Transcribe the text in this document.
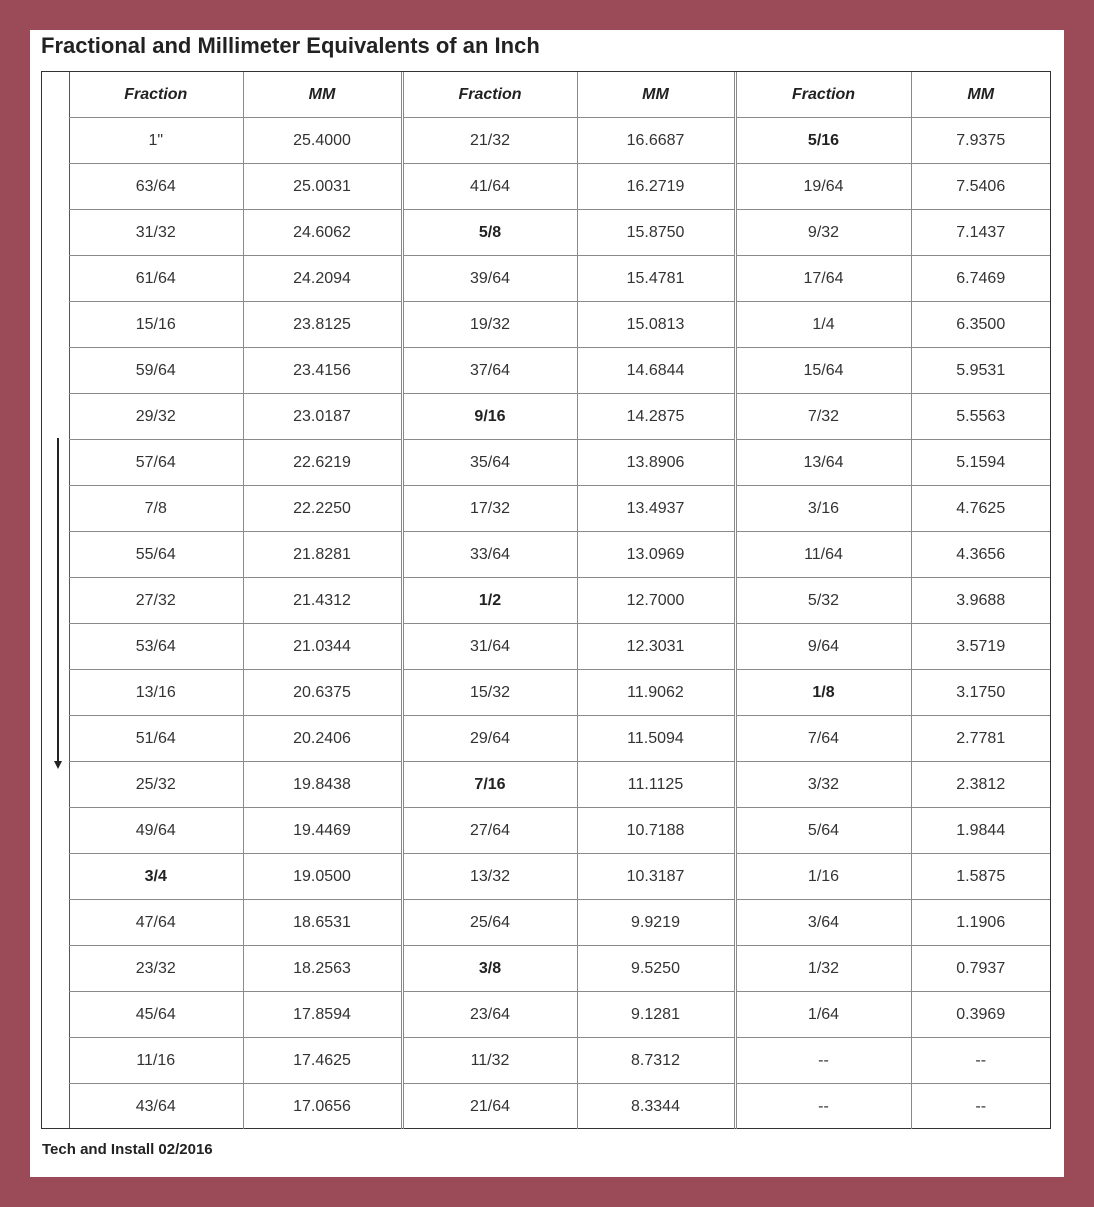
Fractional and Millimeter Equivalents of an Inch
Fraction	MM	Fraction	MM	Fraction	MM
1"	25.4000	21/32	16.6687	5/16	7.9375
63/64	25.0031	41/64	16.2719	19/64	7.5406
31/32	24.6062	5/8	15.8750	9/32	7.1437
61/64	24.2094	39/64	15.4781	17/64	6.7469
15/16	23.8125	19/32	15.0813	1/4	6.3500
59/64	23.4156	37/64	14.6844	15/64	5.9531
29/32	23.0187	9/16	14.2875	7/32	5.5563
57/64	22.6219	35/64	13.8906	13/64	5.1594
7/8	22.2250	17/32	13.4937	3/16	4.7625
55/64	21.8281	33/64	13.0969	11/64	4.3656
27/32	21.4312	1/2	12.7000	5/32	3.9688
53/64	21.0344	31/64	12.3031	9/64	3.5719
13/16	20.6375	15/32	11.9062	1/8	3.1750
51/64	20.2406	29/64	11.5094	7/64	2.7781
25/32	19.8438	7/16	11.1125	3/32	2.3812
49/64	19.4469	27/64	10.7188	5/64	1.9844
3/4	19.0500	13/32	10.3187	1/16	1.5875
47/64	18.6531	25/64	9.9219	3/64	1.1906
23/32	18.2563	3/8	9.5250	1/32	0.7937
45/64	17.8594	23/64	9.1281	1/64	0.3969
11/16	17.4625	11/32	8.7312	--	--
43/64	17.0656	21/64	8.3344	--	--
Tech and Install 02/2016
